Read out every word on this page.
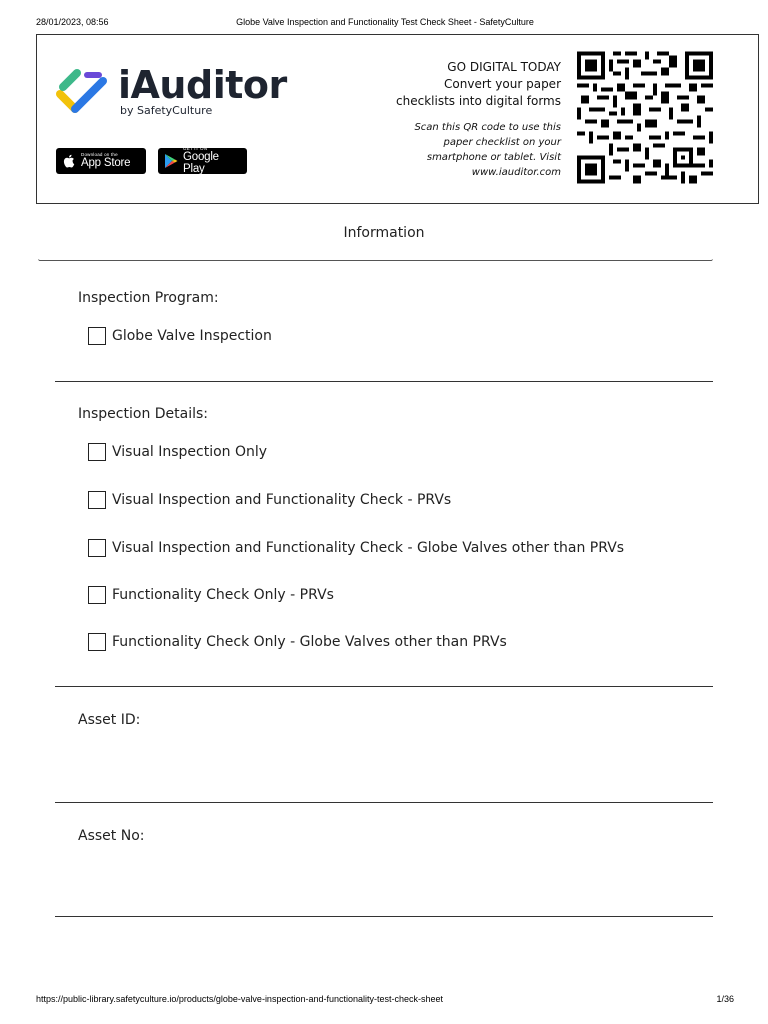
28/01/2023, 08:56	Globe Valve Inspection and Functionality Test Check Sheet - SafetyCulture
iAuditor
by SafetyCulture
Download on the
App Store
GET IT ON
Google Play
GO DIGITAL TODAY
Convert your paper
checklists into digital forms
Scan this QR code to use this
paper checklist on your
smartphone or tablet. Visit
www.iauditor.com
Information
Inspection Program:
Globe Valve Inspection
Inspection Details:
Visual Inspection Only
Visual Inspection and Functionality Check - PRVs
Visual Inspection and Functionality Check - Globe Valves other than PRVs
Functionality Check Only - PRVs
Functionality Check Only - Globe Valves other than PRVs
Asset ID:
Asset No:
https://public-library.safetyculture.io/products/globe-valve-inspection-and-functionality-test-check-sheet	1/36
